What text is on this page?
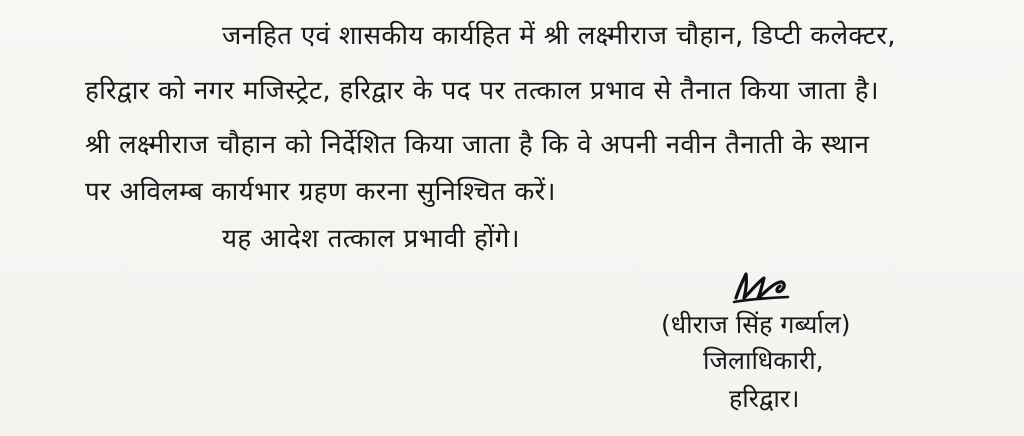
जनहित एवं शासकीय कार्यहित में श्री लक्ष्मीराज चौहान, डिप्टी कलेक्टर,
हरिद्वार को नगर मजिस्ट्रेट, हरिद्वार के पद पर तत्काल प्रभाव से तैनात किया जाता है।
श्री लक्ष्मीराज चौहान को निर्देशित किया जाता है कि वे अपनी नवीन तैनाती के स्थान
पर अविलम्ब कार्यभार ग्रहण करना सुनिश्चित करें।
यह आदेश तत्काल प्रभावी होंगे।
(धीराज सिंह गर्ब्याल)
जिलाधिकारी,
हरिद्वार।
